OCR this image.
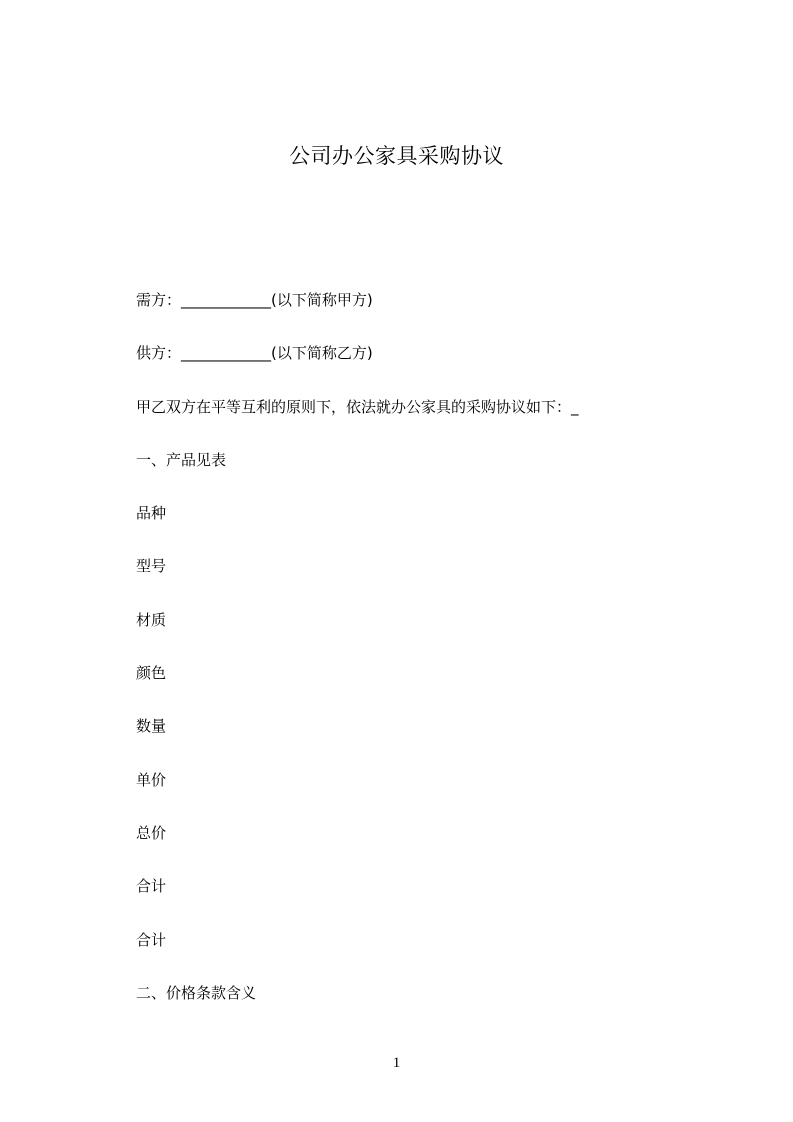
公司办公家具采购协议
需方：____________(以下简称甲方)
供方：____________(以下简称乙方)
甲乙双方在平等互利的原则下，依法就办公家具的采购协议如下：_
一、产品见表
品种
型号
材质
颜色
数量
单价
总价
合计
合计
二、价格条款含义
1
